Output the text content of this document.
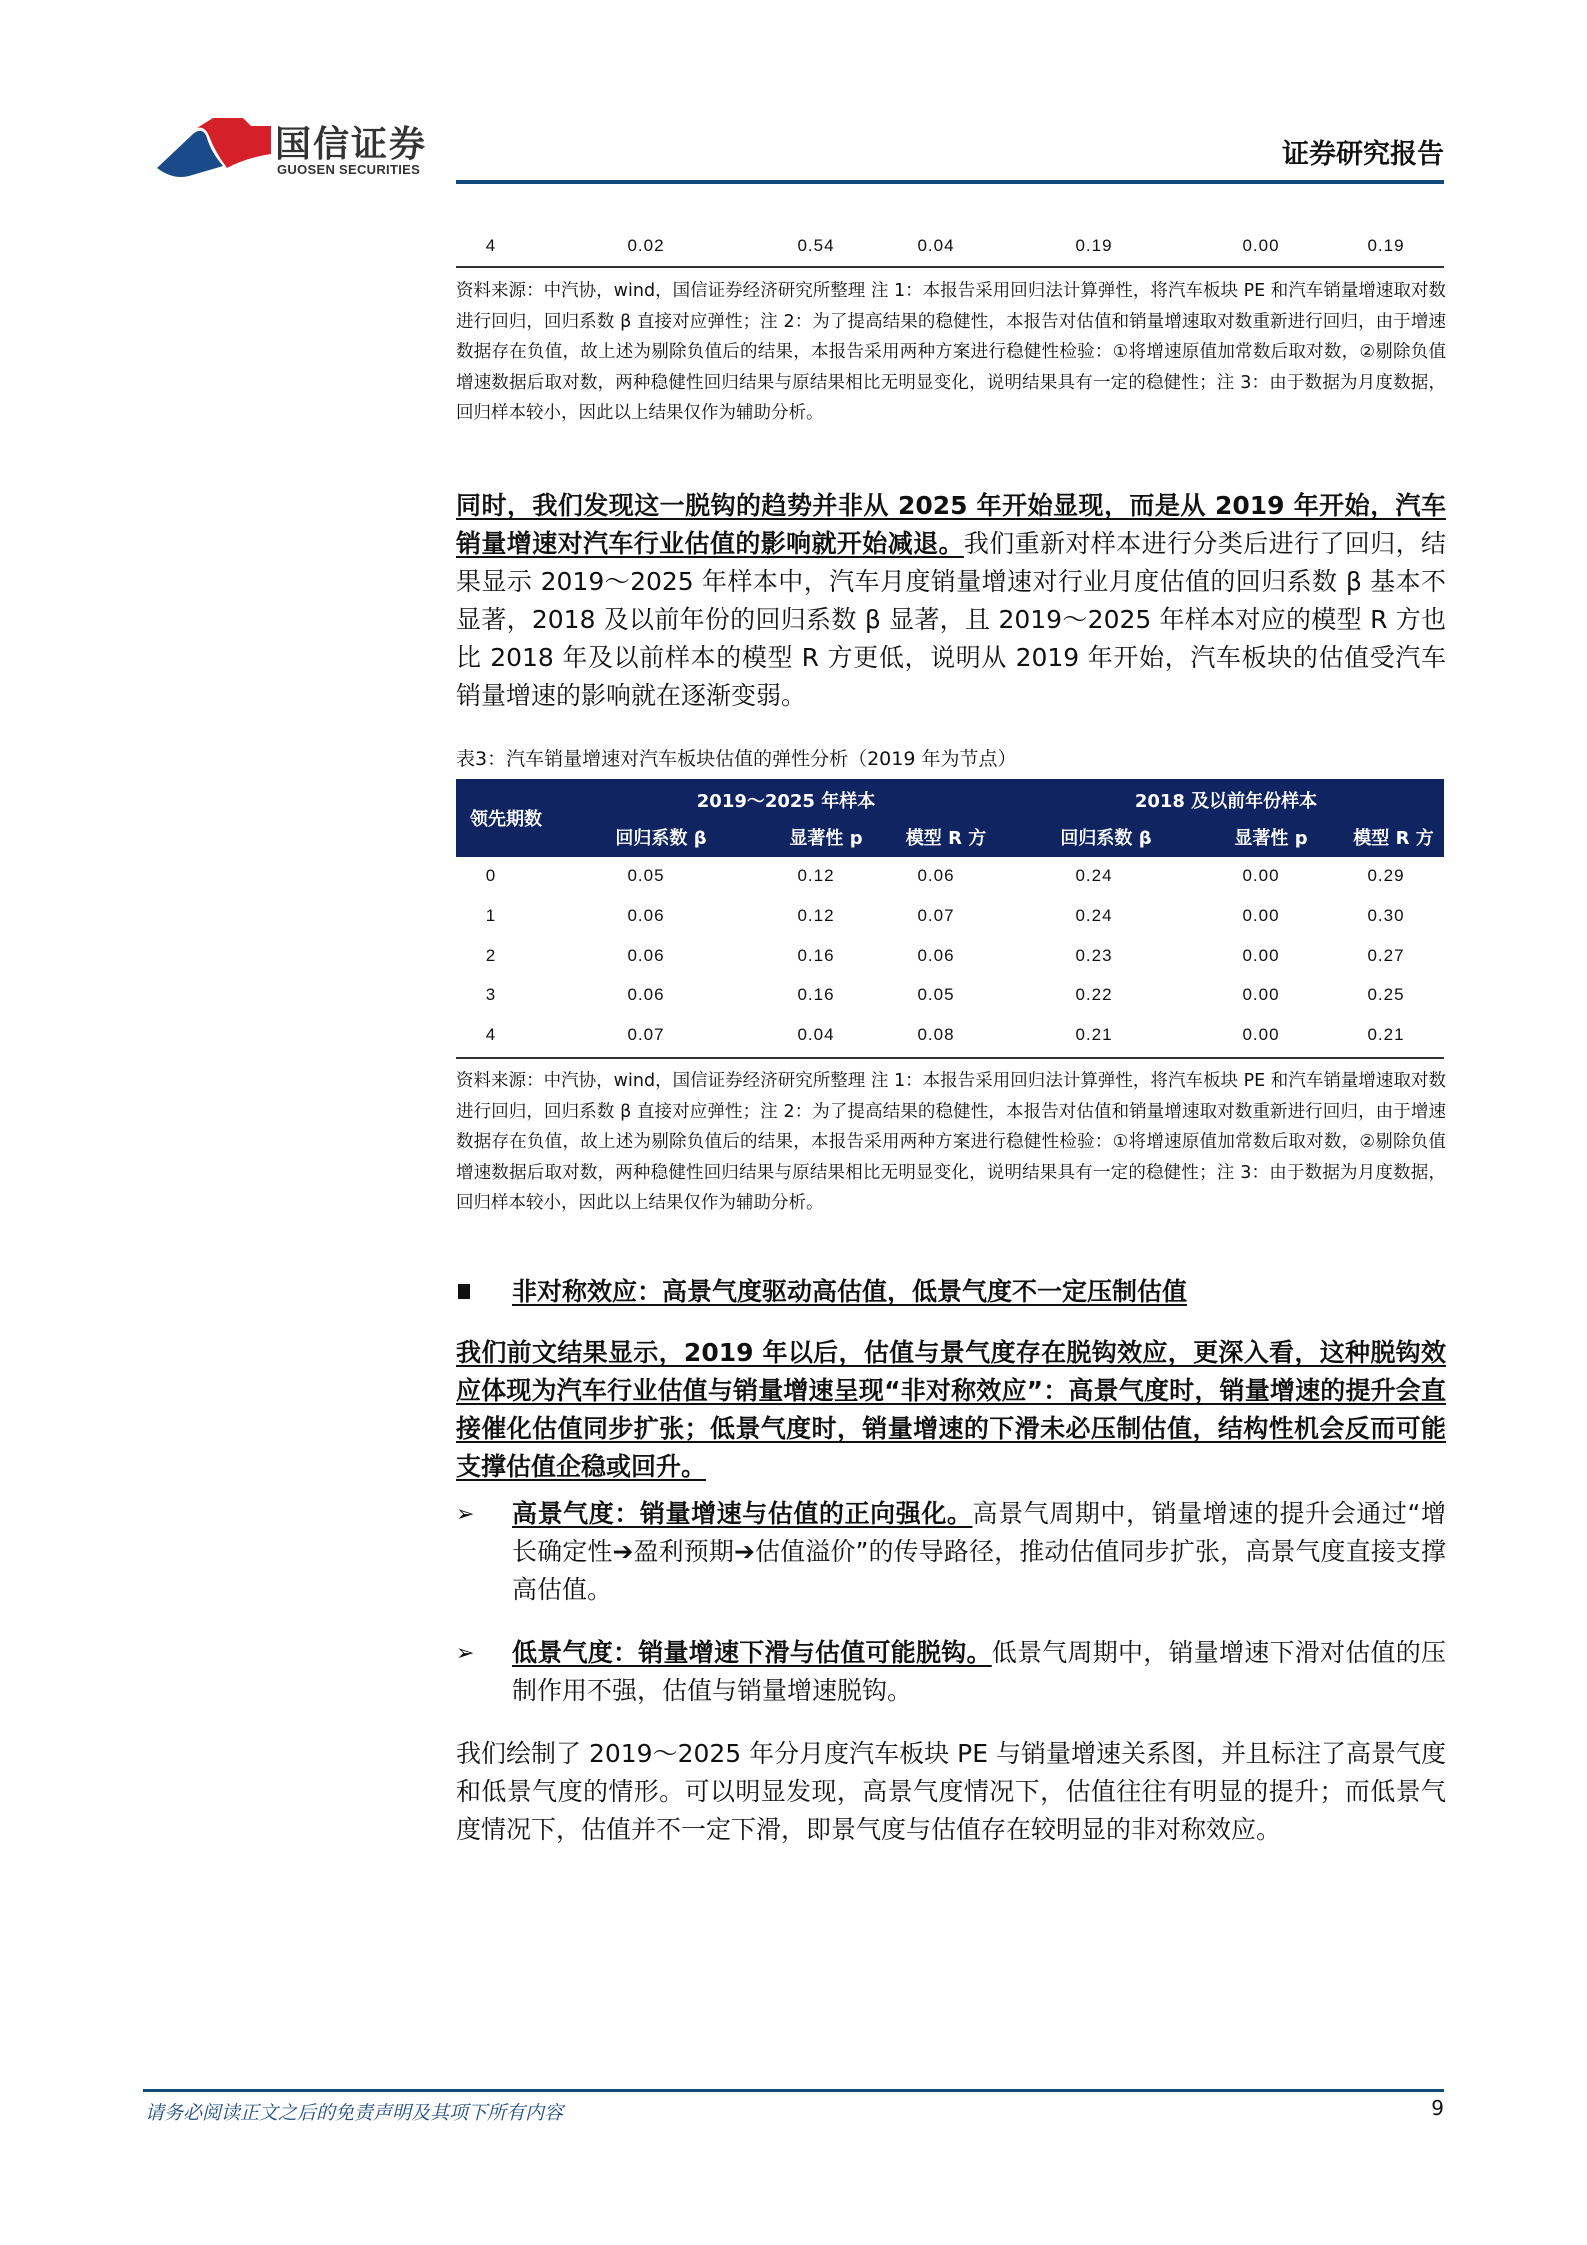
国信证券
GUOSEN SECURITIES	证券研究报告
4	0.02	0.54	0.04	0.19	0.00	0.19
资料来源：中汽协，wind，国信证券经济研究所整理 注 1：本报告采用回归法计算弹性，将汽车板块 PE 和汽车销量增速取对数进行回归，回归系数 β 直接对应弹性；注 2：为了提高结果的稳健性，本报告对估值和销量增速取对数重新进行回归，由于增速数据存在负值，故上述为剔除负值后的结果，本报告采用两种方案进行稳健性检验：①将增速原值加常数后取对数，②剔除负值增速数据后取对数，两种稳健性回归结果与原结果相比无明显变化，说明结果具有一定的稳健性；注 3：由于数据为月度数据，回归样本较小，因此以上结果仅作为辅助分析。
同时，我们发现这一脱钩的趋势并非从 2025 年开始显现，而是从 2019 年开始，汽车销量增速对汽车行业估值的影响就开始减退。我们重新对样本进行分类后进行了回归，结果显示 2019～2025 年样本中，汽车月度销量增速对行业月度估值的回归系数 β 基本不显著，2018 及以前年份的回归系数 β 显著，且 2019～2025 年样本对应的模型 R 方也比 2018 年及以前样本的模型 R 方更低，说明从 2019 年开始，汽车板块的估值受汽车销量增速的影响就在逐渐变弱。
表3：汽车销量增速对汽车板块估值的弹性分析（2019 年为节点）
领先期数
2019～2025 年样本	2018 及以前年份样本
回归系数 β	显著性 p	模型 R 方	回归系数 β	显著性 p	模型 R 方
0	0.05	0.12	0.06	0.24	0.00	0.29
1	0.06	0.12	0.07	0.24	0.00	0.30
2	0.06	0.16	0.06	0.23	0.00	0.27
3	0.06	0.16	0.05	0.22	0.00	0.25
4	0.07	0.04	0.08	0.21	0.00	0.21
资料来源：中汽协，wind，国信证券经济研究所整理 注 1：本报告采用回归法计算弹性，将汽车板块 PE 和汽车销量增速取对数进行回归，回归系数 β 直接对应弹性；注 2：为了提高结果的稳健性，本报告对估值和销量增速取对数重新进行回归，由于增速数据存在负值，故上述为剔除负值后的结果，本报告采用两种方案进行稳健性检验：①将增速原值加常数后取对数，②剔除负值增速数据后取对数，两种稳健性回归结果与原结果相比无明显变化，说明结果具有一定的稳健性；注 3：由于数据为月度数据，回归样本较小，因此以上结果仅作为辅助分析。
非对称效应：高景气度驱动高估值，低景气度不一定压制估值
我们前文结果显示，2019 年以后，估值与景气度存在脱钩效应，更深入看，这种脱钩效应体现为汽车行业估值与销量增速呈现“非对称效应”：高景气度时，销量增速的提升会直接催化估值同步扩张；低景气度时，销量增速的下滑未必压制估值，结构性机会反而可能支撑估值企稳或回升。
➢ 高景气度：销量增速与估值的正向强化。高景气周期中，销量增速的提升会通过“增长确定性➔盈利预期➔估值溢价”的传导路径，推动估值同步扩张，高景气度直接支撑高估值。
➢ 低景气度：销量增速下滑与估值可能脱钩。低景气周期中，销量增速下滑对估值的压制作用不强，估值与销量增速脱钩。
我们绘制了 2019～2025 年分月度汽车板块 PE 与销量增速关系图，并且标注了高景气度和低景气度的情形。可以明显发现，高景气度情况下，估值往往有明显的提升；而低景气度情况下，估值并不一定下滑，即景气度与估值存在较明显的非对称效应。
请务必阅读正文之后的免责声明及其项下所有内容	9
